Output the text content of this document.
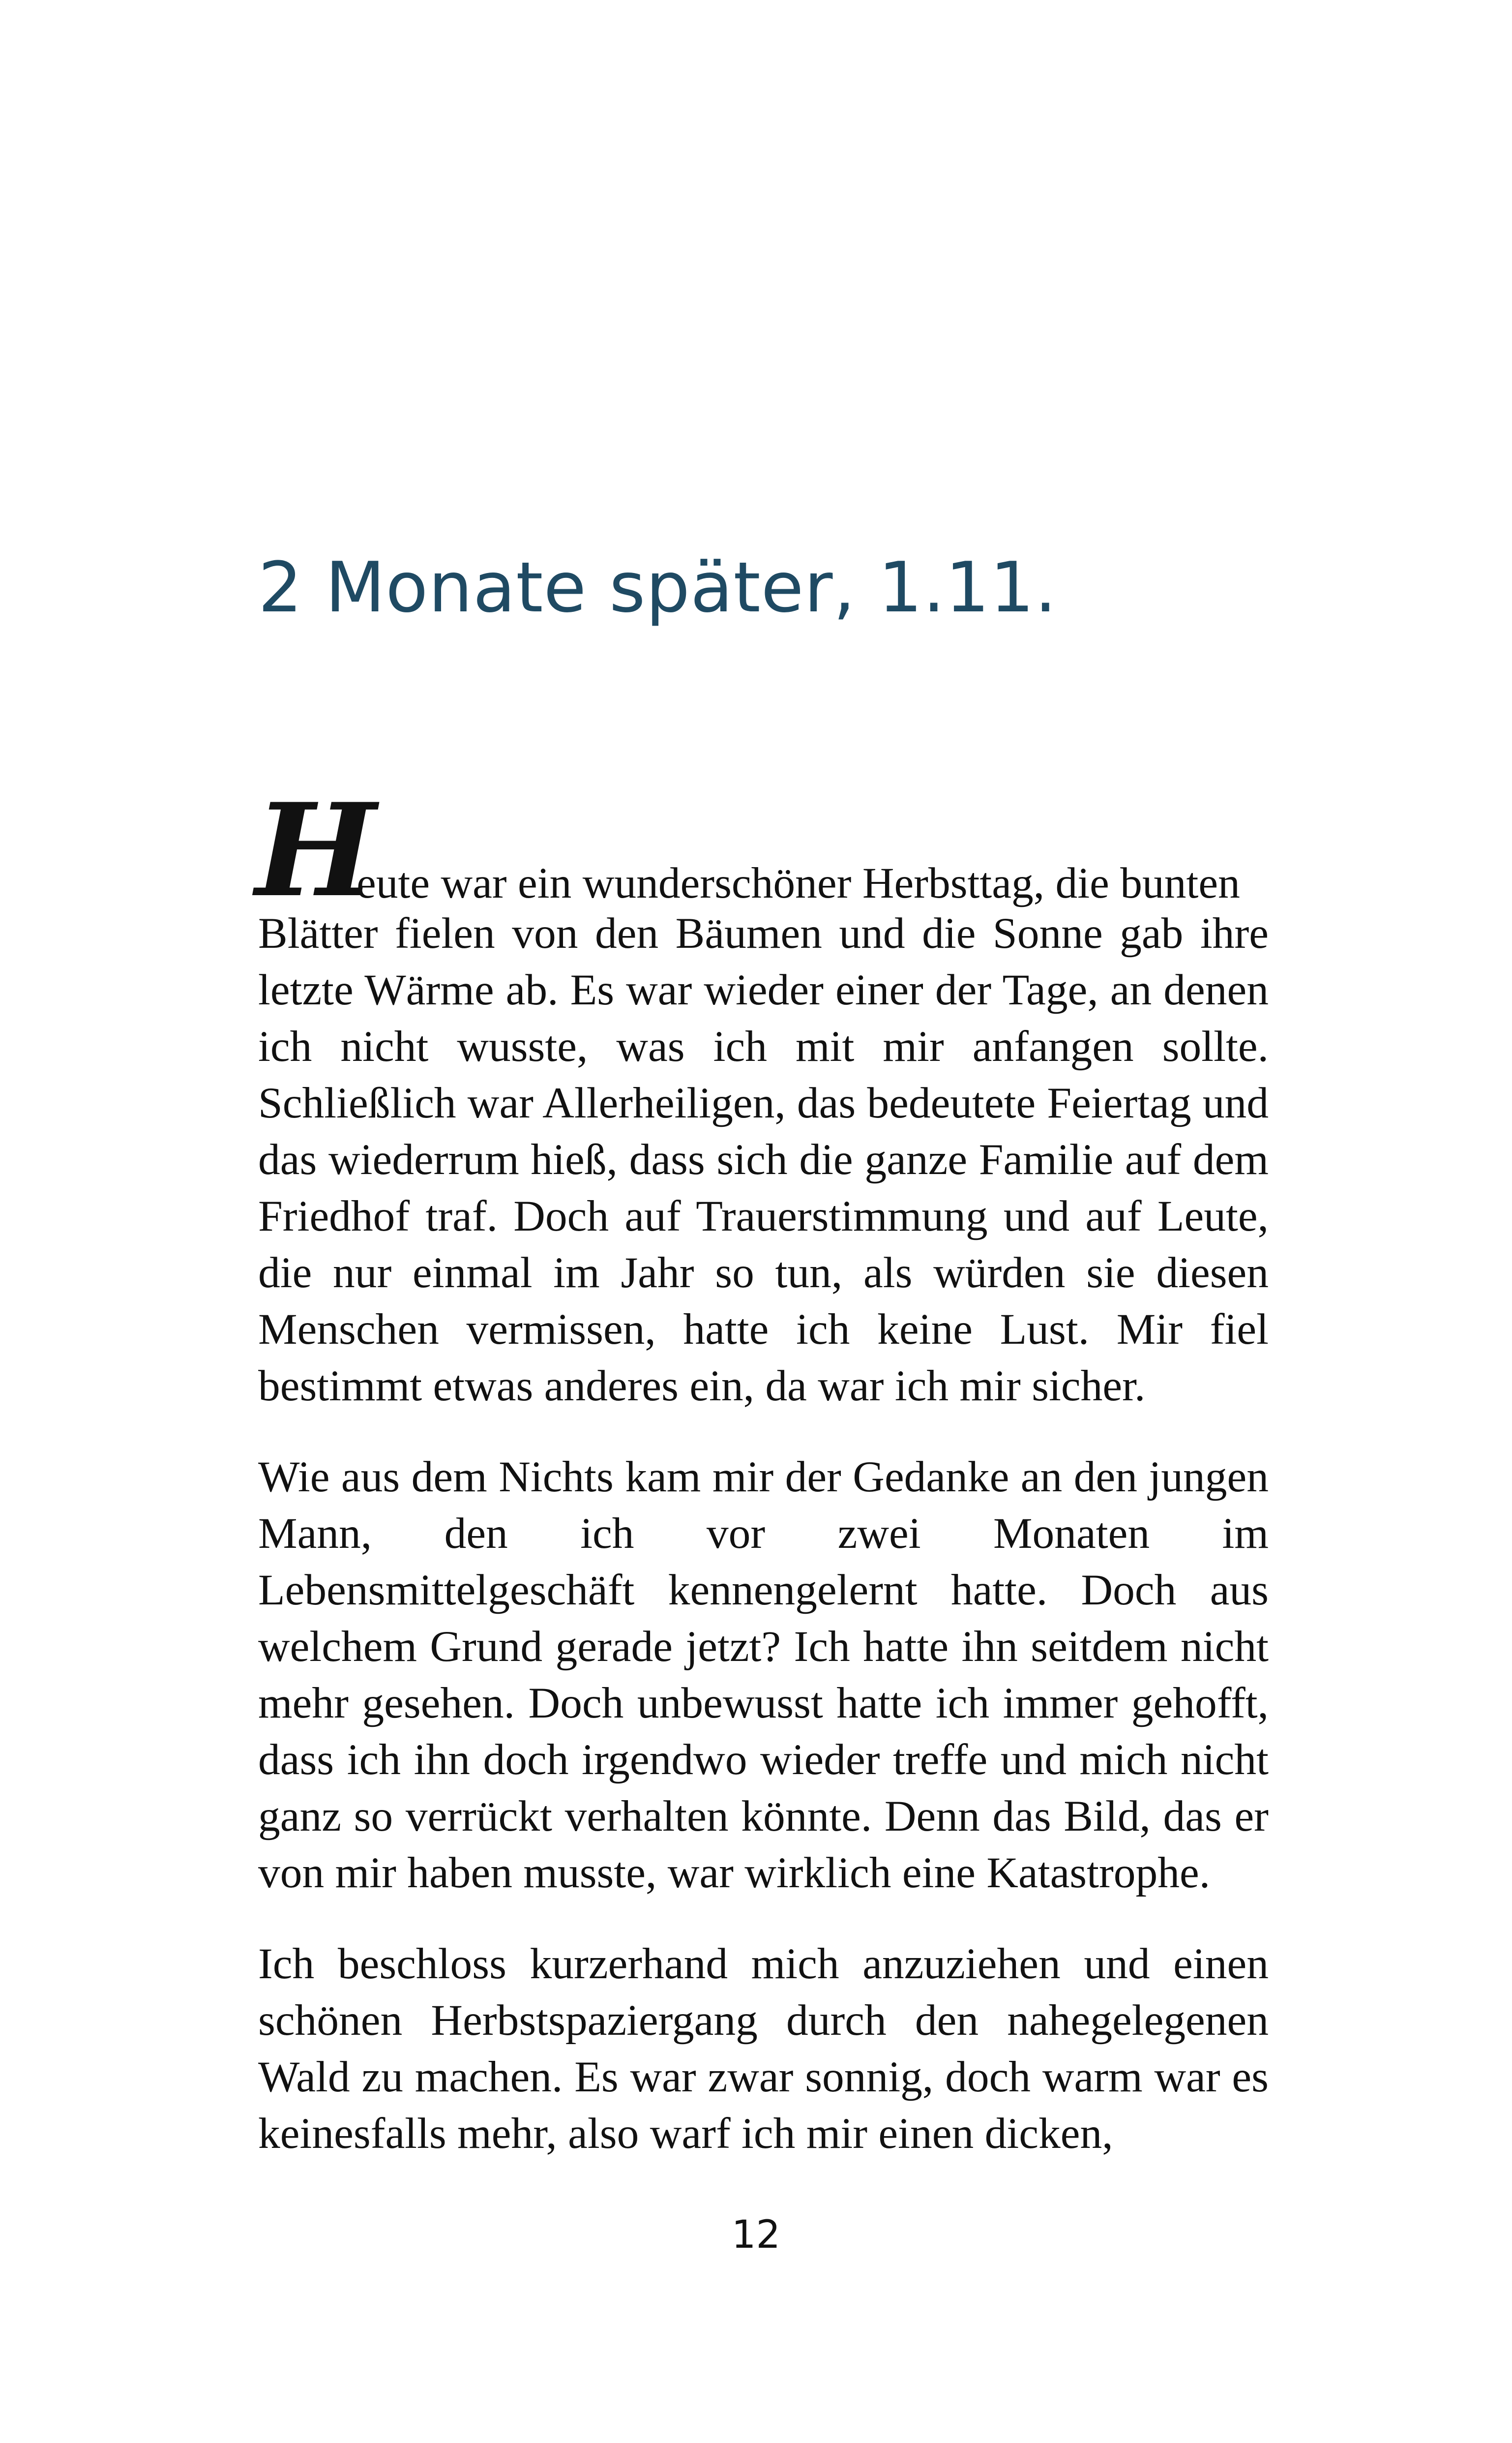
2 Monate später, 1.11.

H
eute war ein wunderschöner Herbsttag, die bunten
Blätter fielen von den Bäumen und die Sonne gab ihre letzte Wärme ab. Es war wieder einer der Tage, an denen ich nicht wusste, was ich mit mir anfangen sollte. Schließlich war Allerheiligen, das bedeutete Feiertag und das wiederrum hieß, dass sich die ganze Familie auf dem Friedhof traf. Doch auf Trauerstimmung und auf Leute, die nur einmal im Jahr so tun, als würden sie diesen Menschen vermissen, hatte ich keine Lust. Mir fiel bestimmt etwas anderes ein, da war ich mir sicher.

Wie aus dem Nichts kam mir der Gedanke an den jungen Mann, den ich vor zwei Monaten im Lebensmittelgeschäft kennengelernt hatte. Doch aus welchem Grund gerade jetzt? Ich hatte ihn seitdem nicht mehr gesehen. Doch unbewusst hatte ich immer gehofft, dass ich ihn doch irgendwo wieder treffe und mich nicht ganz so verrückt verhalten könnte. Denn das Bild, das er von mir haben musste, war wirklich eine Katastrophe.

Ich beschloss kurzerhand mich anzuziehen und einen schönen Herbstspaziergang durch den nahegelegenen Wald zu machen. Es war zwar sonnig, doch warm war es keinesfalls mehr, also warf ich mir einen dicken,

12
